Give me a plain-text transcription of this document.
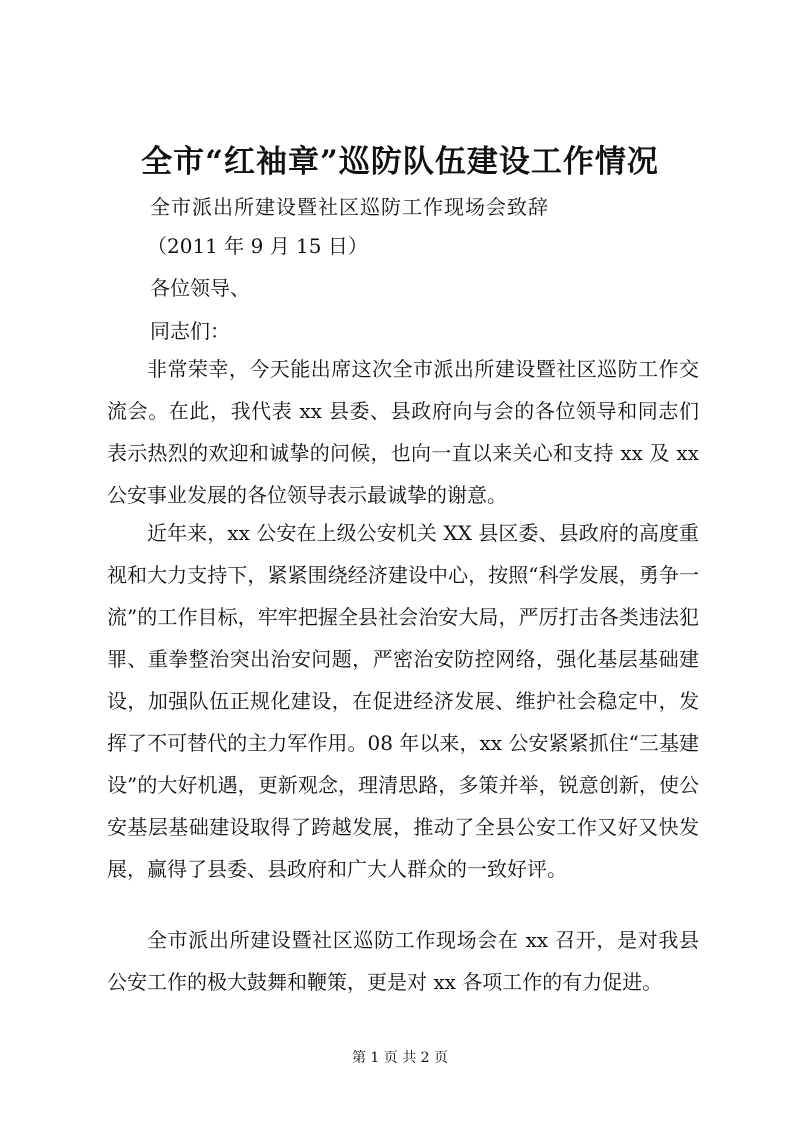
全市“红袖章”巡防队伍建设工作情况
全市派出所建设暨社区巡防工作现场会致辞
（2011 年 9 月 15 日）
各位领导、
同志们：
非常荣幸，今天能出席这次全市派出所建设暨社区巡防工作交流会。在此，我代表 xx 县委、县政府向与会的各位领导和同志们表示热烈的欢迎和诚挚的问候，也向一直以来关心和支持 xx 及 xx 公安事业发展的各位领导表示最诚挚的谢意。
近年来，xx 公安在上级公安机关 XX 县区委、县政府的高度重视和大力支持下，紧紧围绕经济建设中心，按照“科学发展，勇争一流”的工作目标，牢牢把握全县社会治安大局，严厉打击各类违法犯罪、重拳整治突出治安问题，严密治安防控网络，强化基层基础建设，加强队伍正规化建设，在促进经济发展、维护社会稳定中，发挥了不可替代的主力军作用。08 年以来，xx 公安紧紧抓住“三基建设”的大好机遇，更新观念，理清思路，多策并举，锐意创新，使公安基层基础建设取得了跨越发展，推动了全县公安工作又好又快发展，赢得了县委、县政府和广大人群众的一致好评。
全市派出所建设暨社区巡防工作现场会在 xx 召开，是对我县公安工作的极大鼓舞和鞭策，更是对 xx 各项工作的有力促进。
第 1 页 共 2 页
